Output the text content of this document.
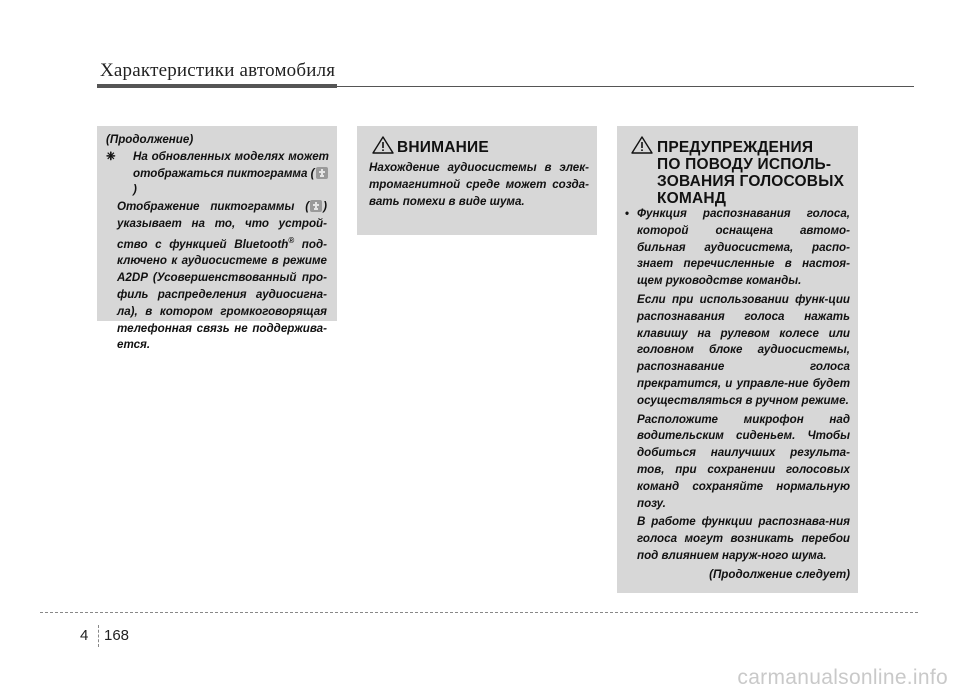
Характеристики автомобиля

(Продолжение)

❈ На обновленных моделях может

отображаться пиктограмма ()

Отображение пиктограммы ( ) указывает на то, что устрой-ство с функцией Bluetooth® под-ключено к аудиосистеме в режиме A2DP (Усовершенствованный про-филь распределения аудиосигна-ла), в котором громкоговорящая телефонная связь не поддержива-ется.

ВНИМАНИЕ

Нахождение аудиосистемы в элек-тромагнитной среде может созда-вать помехи в виде шума.

ПРЕДУПРЕЖДЕНИЯ
ПО ПОВОДУ ИСПОЛЬ-
ЗОВАНИЯ ГОЛОСОВЫХ
КОМАНД
• Функция распознавания голоса, которой оснащена автомо-бильная аудиосистема, распо-знает перечисленные в настоя-щем руководстве команды.

Если при использовании функ-ции распознавания голоса нажать клавишу на рулевом колесе или головном блоке аудиосистемы, распознавание голоса прекратится, и управле-ние будет осуществляться в ручном режиме.

Расположите микрофон над водительским сиденьем. Чтобы добиться наилучших результа-тов, при сохранении голосовых команд сохраняйте нормальную позу.

В работе функции распознава-ния голоса могут возникать перебои под влиянием наруж-ного шума.

(Продолжение следует)

4 168
carmanualsonline.info
